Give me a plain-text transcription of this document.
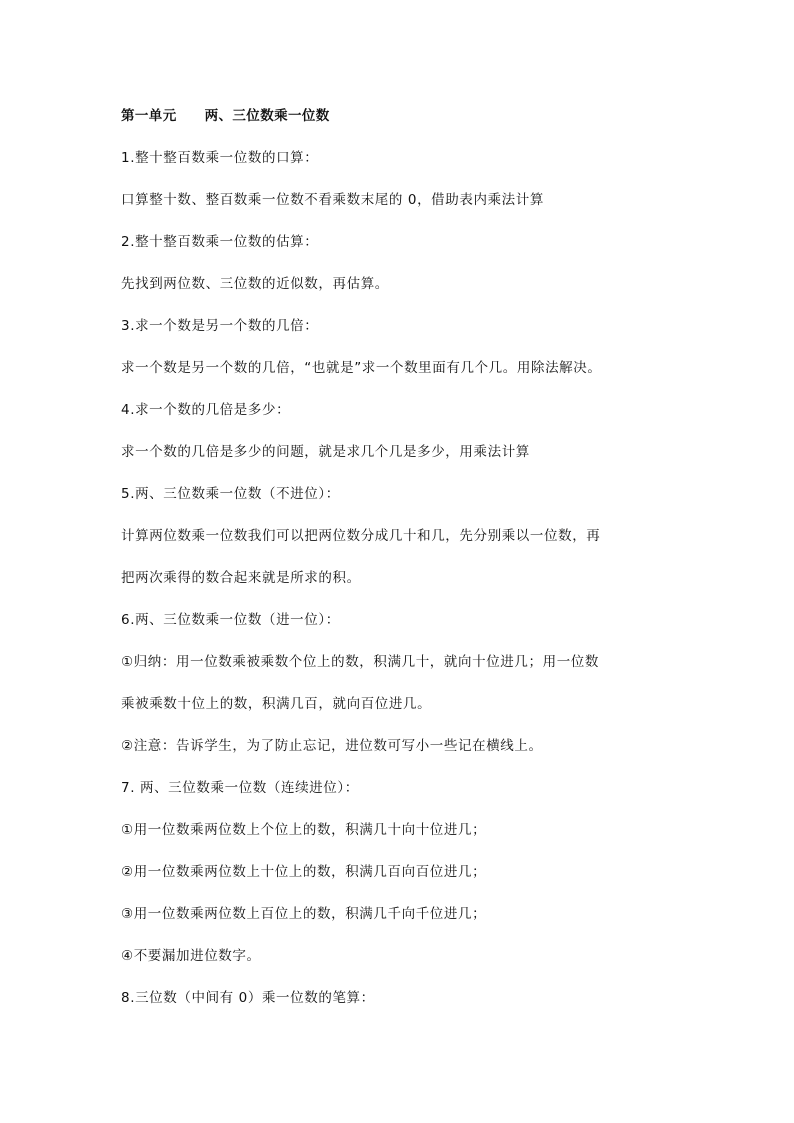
第一单元 两、三位数乘一位数
1.整十整百数乘一位数的口算：
口算整十数、整百数乘一位数不看乘数末尾的 0，借助表内乘法计算
2.整十整百数乘一位数的估算：
先找到两位数、三位数的近似数，再估算。
3.求一个数是另一个数的几倍：
求一个数是另一个数的几倍，“也就是”求一个数里面有几个几。用除法解决。
4.求一个数的几倍是多少：
求一个数的几倍是多少的问题，就是求几个几是多少，用乘法计算
5.两、三位数乘一位数（不进位）：
计算两位数乘一位数我们可以把两位数分成几十和几，先分别乘以一位数，再
把两次乘得的数合起来就是所求的积。
6.两、三位数乘一位数（进一位）：
①归纳：用一位数乘被乘数个位上的数，积满几十，就向十位进几；用一位数
乘被乘数十位上的数，积满几百，就向百位进几。
②注意：告诉学生，为了防止忘记，进位数可写小一些记在横线上。
7. 两、三位数乘一位数（连续进位）：
①用一位数乘两位数上个位上的数，积满几十向十位进几；
②用一位数乘两位数上十位上的数，积满几百向百位进几；
③用一位数乘两位数上百位上的数，积满几千向千位进几；
④不要漏加进位数字。
8.三位数（中间有 0）乘一位数的笔算：
